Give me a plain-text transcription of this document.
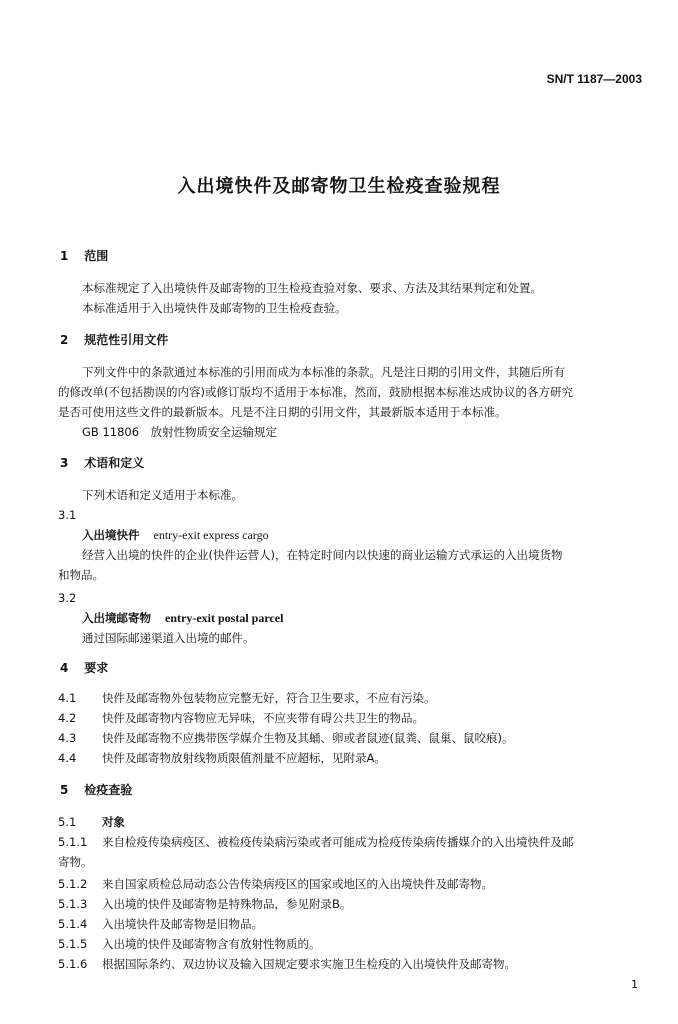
SN/T 1187—2003
入出境快件及邮寄物卫生检疫查验规程
1 范围
本标准规定了入出境快件及邮寄物的卫生检疫查验对象、要求、方法及其结果判定和处置。
本标准适用于入出境快件及邮寄物的卫生检疫查验。
2 规范性引用文件
下列文件中的条款通过本标准的引用而成为本标准的条款。凡是注日期的引用文件，其随后所有
的修改单(不包括勘误的内容)或修订版均不适用于本标准，然而，鼓励根据本标准达成协议的各方研究
是否可使用这些文件的最新版本。凡是不注日期的引用文件，其最新版本适用于本标准。
GB 11806　放射性物质安全运输规定
3 术语和定义
下列术语和定义适用于本标准。
3.1
入出境快件 entry-exit express cargo
经营入出境的快件的企业(快件运营人)，在特定时间内以快速的商业运输方式承运的入出境货物
和物品。
3.2
入出境邮寄物 entry-exit postal parcel
通过国际邮递渠道入出境的邮件。
4 要求
4.1 快件及邮寄物外包装物应完整无好，符合卫生要求，不应有污染。
4.2 快件及邮寄物内容物应无异味，不应夹带有碍公共卫生的物品。
4.3 快件及邮寄物不应携带医学媒介生物及其蛹、卵或者鼠迹(鼠粪、鼠巢、鼠咬痕)。
4.4 快件及邮寄物放射线物质限值剂量不应超标，见附录A。
5 检疫查验
5.1 对象
5.1.1 来自检疫传染病疫区、被检疫传染病污染或者可能成为检疫传染病传播媒介的入出境快件及邮
寄物。
5.1.2 来自国家质检总局动态公告传染病疫区的国家或地区的入出境快件及邮寄物。
5.1.3 入出境的快件及邮寄物是特殊物品，参见附录B。
5.1.4 入出境快件及邮寄物是旧物品。
5.1.5 入出境的快件及邮寄物含有放射性物质的。
5.1.6 根据国际条约、双边协议及输入国规定要求实施卫生检疫的入出境快件及邮寄物。
1
